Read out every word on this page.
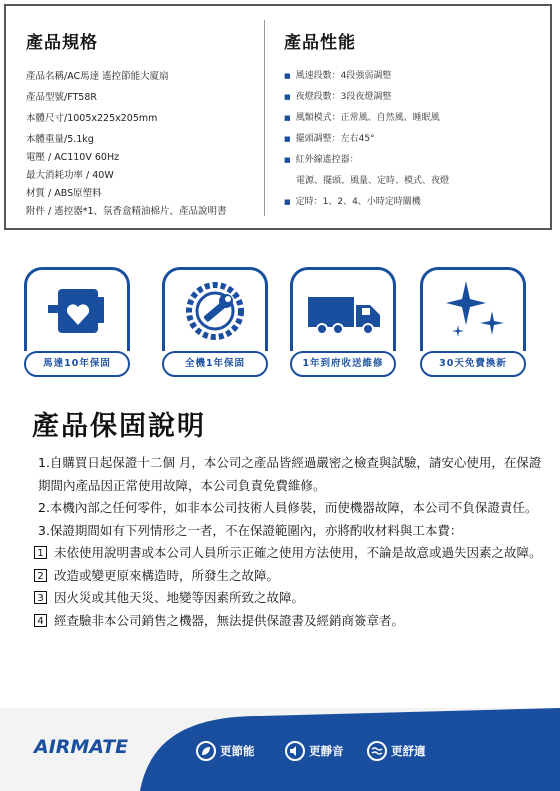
產品規格
產品名稱/AC馬達 遙控節能大廈扇
產品型號/FT58R
本體尺寸/1005x225x205mm
本體重量/5.1kg
電壓 / AC110V 60Hz
最大消耗功率 / 40W
材質 / ABS原塑料
附件 / 遙控器*1、氛香盒精油棉片、產品說明書
產品性能
■ 風速段數：4段強弱調整
■ 夜燈段數：3段夜燈調整
■ 風類模式：正常風、自然風、睡眠風
■ 擺頭調整：左右45°
■ 紅外線遙控器：
電源、擺頭、風量、定時、模式、夜燈
■ 定時：1、2、4、小時定時關機
馬達10年保固	全機1年保固	1年到府收送維修	30天免費換新
產品保固說明
1.自購買日起保證十二個 月，本公司之產品皆經過嚴密之檢查與試驗，請安心使用，在保證期間內產品因正常使用故障，本公司負責免費維修。
2.本機內部之任何零件，如非本公司技術人員修裝，而使機器故障，本公司不負保證責任。
3.保證期間如有下列情形之一者，不在保證範圍內，亦將酌收材料與工本費：
1 未依使用說明書或本公司人員所示正確之使用方法使用，不論是故意或過失因素之故障。
2 改造或變更原來構造時，所發生之故障。
3 因火災或其他天災、地變等因素所致之故障。
4 經查驗非本公司銷售之機器，無法提供保證書及經銷商簽章者。
AIRMATE	更節能	更靜音	更舒適
